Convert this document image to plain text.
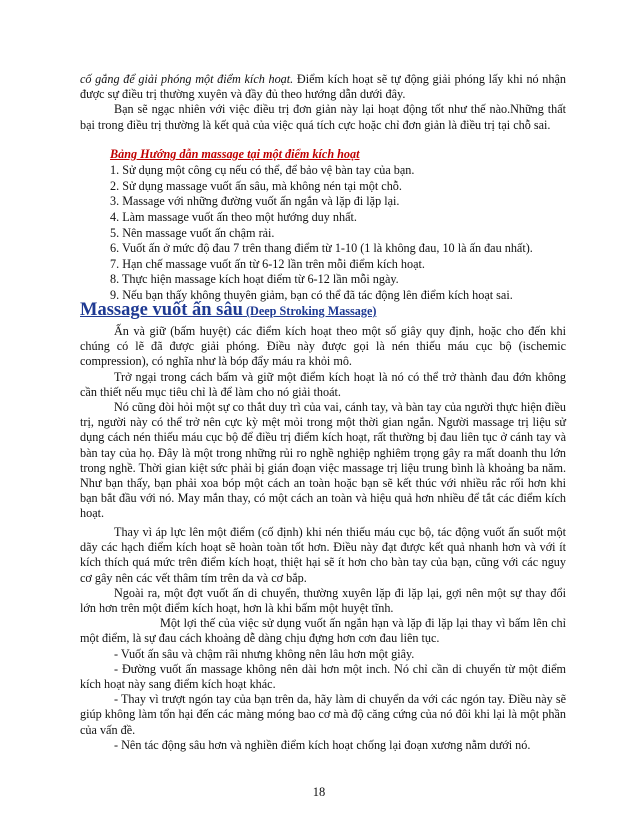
cố gắng để giải phóng một điểm kích hoạt. Điểm kích hoạt sẽ tự động giải phóng lấy khi nó nhận được sự điều trị thường xuyên và đầy đủ theo hướng dẫn dưới đây.

Bạn sẽ ngạc nhiên với việc điều trị đơn giản này lại hoạt động tốt như thế nào.Những thất bại trong điều trị thường là kết quả của việc quá tích cực hoặc chỉ đơn giản là điều trị tại chỗ sai.

Bảng Hướng dẫn massage tại một điểm kích hoạt

1. Sử dụng một công cụ nếu có thể, để bảo vệ bàn tay của bạn.

2. Sử dụng massage vuốt ấn sâu, mà không nén tại một chỗ.

3. Massage với những đường vuốt ấn ngắn và lặp đi lặp lại.

4. Làm massage vuốt ấn theo một hướng duy nhất.

5. Nên massage vuốt ấn chậm rải.

6. Vuốt ấn ở mức độ đau 7 trên thang điểm từ 1-10 (1 là không đau, 10 là ấn đau nhất).

7. Hạn chế massage vuốt ấn từ 6-12 lần trên mỗi điểm kích hoạt.

8. Thực hiện massage kích hoạt điểm từ 6-12 lần mỗi ngày.

9. Nếu bạn thấy không thuyên giảm, bạn có thể đã tác động lên điểm kích hoạt sai.

Massage vuốt ấn sâu (Deep Stroking Massage)

Ấn và giữ (bấm huyệt) các điểm kích hoạt theo một số giây quy định, hoặc cho đến khi chúng có lẽ đã được giải phóng. Điều này được gọi là nén thiếu máu cục bộ (ischemic compression), có nghĩa như là bóp đẩy máu ra khỏi mô.

Trở ngại trong cách bấm và giữ một điểm kích hoạt là nó có thể trở thành đau đớn không cần thiết nếu mục tiêu chỉ là để làm cho nó giải thoát.

Nó cũng đòi hỏi một sự co thắt duy trì của vai, cánh tay, và bàn tay của người thực hiện điều trị, người này có thể trở nên cực kỳ mệt mỏi trong một thời gian ngắn. Người massage trị liệu sử dụng cách nén thiếu máu cục bộ để điều trị điểm kích hoạt, rất thường bị đau liên tục ở cánh tay và bàn tay của họ. Đây là một trong những rủi ro nghề nghiệp nghiêm trọng gây ra mất doanh thu lớn trong nghề. Thời gian kiệt sức phải bị gián đoạn việc massage trị liệu trung bình là khoảng ba năm. Như bạn thấy, bạn phải xoa bóp một cách an toàn hoặc bạn sẽ kết thúc với nhiều rắc rối hơn khi bạn bắt đầu với nó. May mắn thay, có một cách an toàn và hiệu quả hơn nhiều để tắt các điểm kích hoạt.

Thay vì áp lực lên một điểm (cố định) khi nén thiếu máu cục bộ, tác động vuốt ấn suốt một dãy các hạch điểm kích hoạt sẽ hoàn toàn tốt hơn. Điều này đạt được kết quả nhanh hơn và với ít kích thích quá mức trên điểm kích hoạt, thiệt hại sẽ ít hơn cho bàn tay của bạn, cũng với các nguy cơ gây nên các vết thâm tím trên da và cơ bắp.

Ngoài ra, một đợt vuốt ấn di chuyển, thường xuyên lặp đi lặp lại, gợi nên một sự thay đổi lớn hơn trên một điểm kích hoạt, hơn là khi bấm một huyệt tĩnh.

Một lợi thế của việc sử dụng vuốt ấn ngắn hạn và lặp đi lặp lại thay vì bấm lên chỉ một điểm, là sự đau cách khoảng dễ dàng chịu đựng hơn cơn đau liên tục.

- Vuốt ấn sâu và chậm rãi nhưng không nên lâu hơn một giây.

- Đường vuốt ấn massage không nên dài hơn một inch. Nó chỉ cần di chuyển từ một điểm kích hoạt này sang điểm kích hoạt khác.

- Thay vì trượt ngón tay của bạn trên da, hãy làm di chuyển da với các ngón tay. Điều này sẽ giúp không làm tổn hại đến các màng móng bao cơ mà độ căng cứng của nó đôi khi lại là một phần của vấn đề.

- Nên tác động sâu hơn và nghiền điểm kích hoạt chống lại đoạn xương nằm dưới nó.

18
